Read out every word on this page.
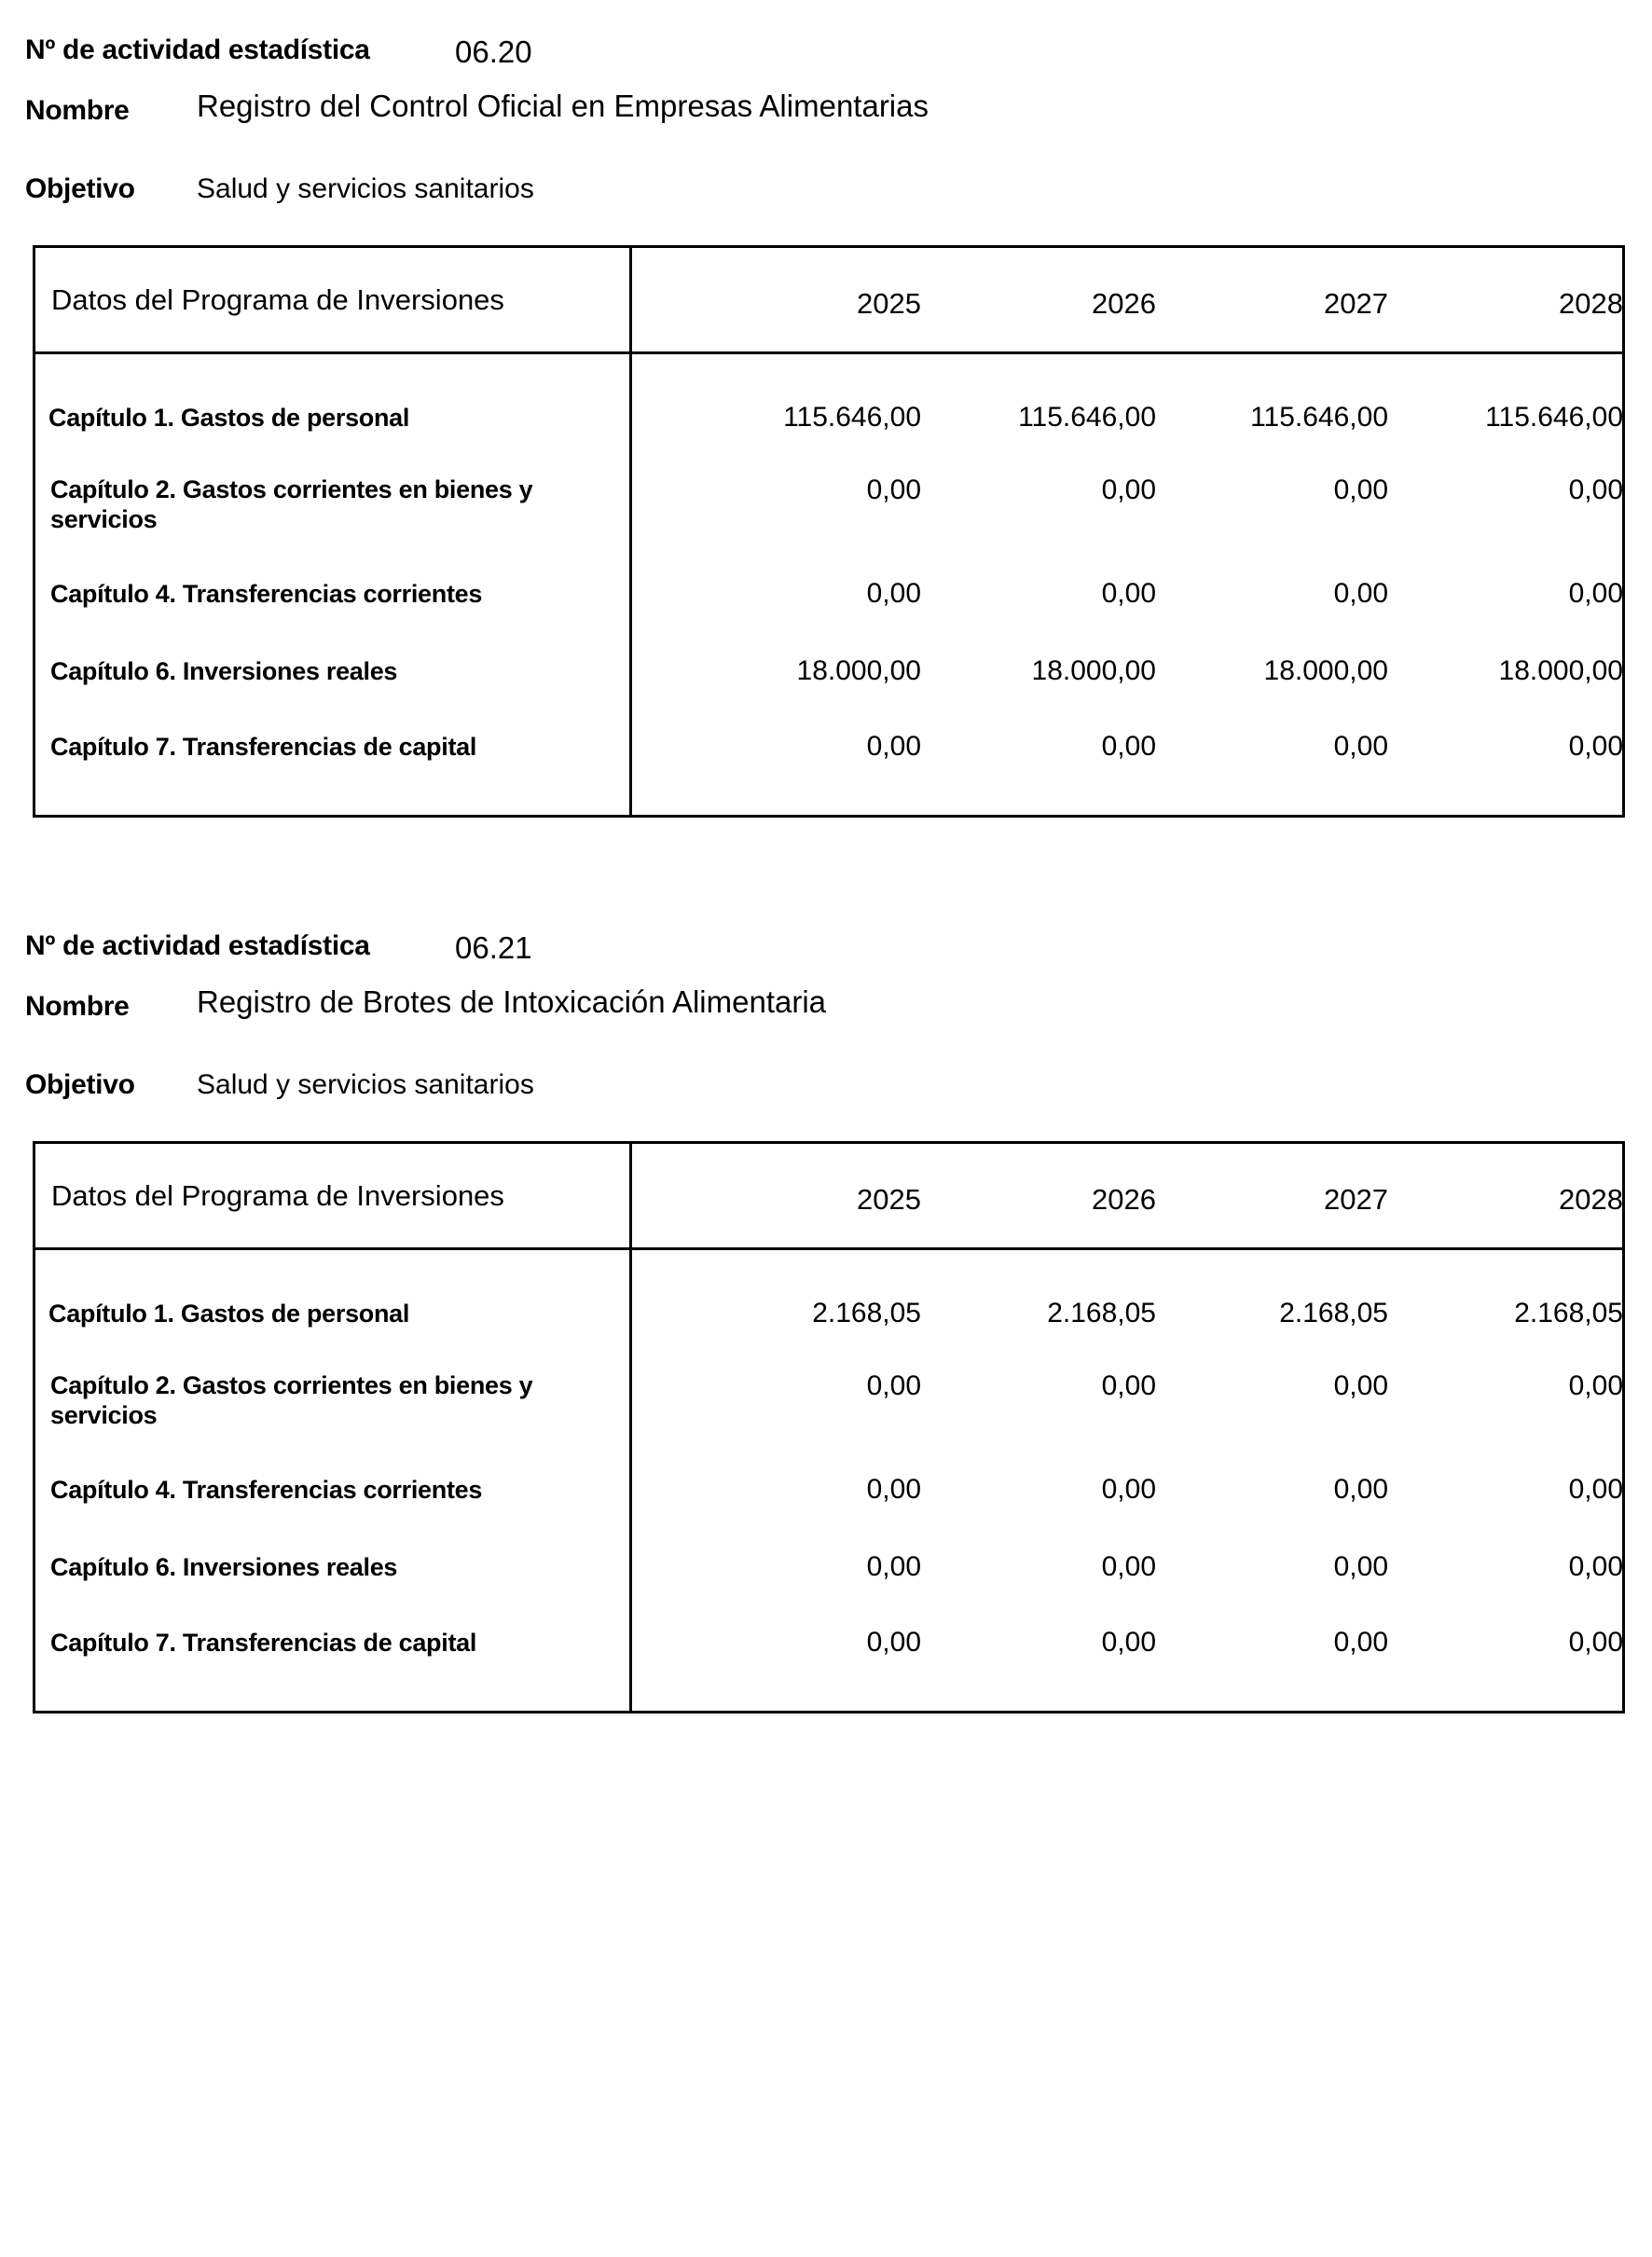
Nº de actividad estadística	06.20
Nombre Registro del Control Oficial en Empresas Alimentarias
Objetivo Salud y servicios sanitarios
Datos del Programa de Inversiones	2025	2026	2027	2028
Capítulo 1. Gastos de personal	115.646,00	115.646,00	115.646,00	115.646,00
Capítulo 2. Gastos corrientes en bienes y servicios
0,00	0,00	0,00	0,00
Capítulo 4. Transferencias corrientes	0,00	0,00	0,00	0,00
Capítulo 6. Inversiones reales	18.000,00	18.000,00	18.000,00	18.000,00
Capítulo 7. Transferencias de capital	0,00	0,00	0,00	0,00
Nº de actividad estadística	06.21
Nombre Registro de Brotes de Intoxicación Alimentaria
Objetivo Salud y servicios sanitarios
Datos del Programa de Inversiones	2025	2026	2027	2028
Capítulo 1. Gastos de personal	2.168,05	2.168,05	2.168,05	2.168,05
Capítulo 2. Gastos corrientes en bienes y servicios
0,00	0,00	0,00	0,00
Capítulo 4. Transferencias corrientes	0,00	0,00	0,00	0,00
Capítulo 6. Inversiones reales	0,00	0,00	0,00	0,00
Capítulo 7. Transferencias de capital	0,00	0,00	0,00	0,00
